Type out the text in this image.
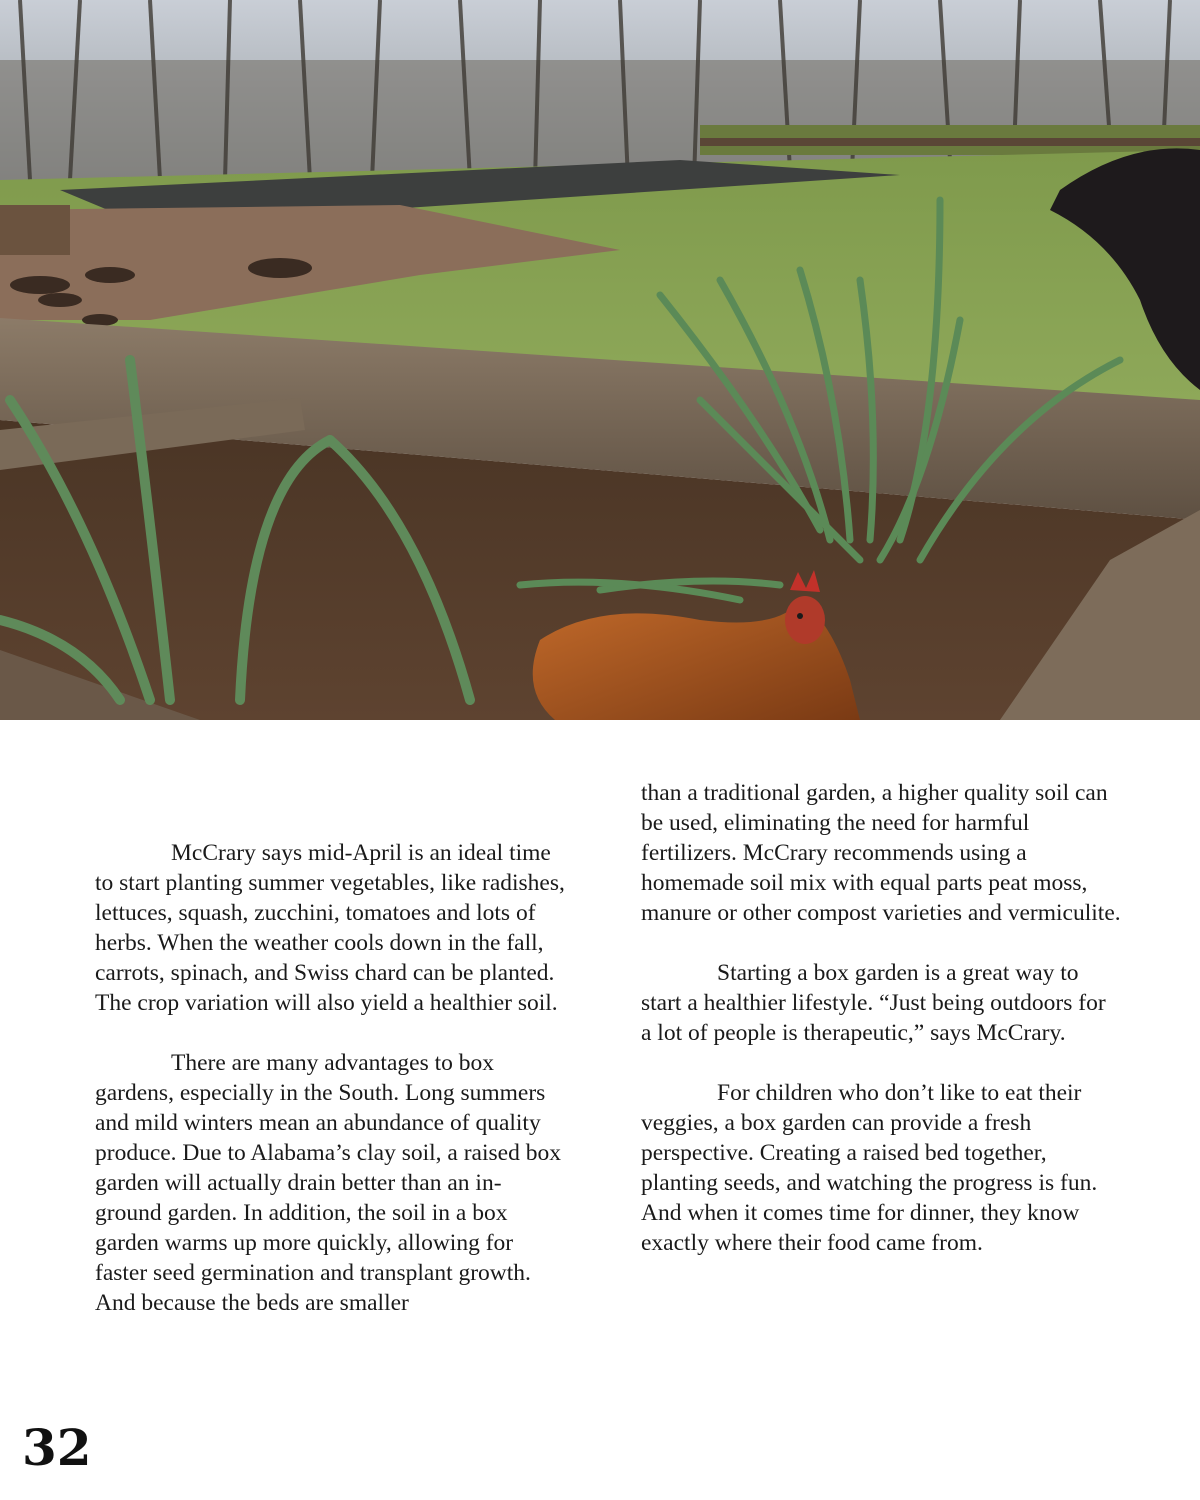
McCrary says mid-April is an ideal time to start planting summer vegetables, like radishes, lettuces, squash, zucchini, tomatoes and lots of herbs. When the weather cools down in the fall, carrots, spinach, and Swiss chard can be planted. The crop variation will also yield a healthier soil.

There are many advantages to box gardens, especially in the South. Long summers and mild winters mean an abundance of quality produce. Due to Alabama’s clay soil, a raised box garden will actually drain better than an in-ground garden. In addition, the soil in a box garden warms up more quickly, allowing for faster seed germination and transplant growth. And because the beds are smaller

than a traditional garden, a higher quality soil can be used, eliminating the need for harmful fertilizers. McCrary recommends using a homemade soil mix with equal parts peat moss, manure or other compost varieties and vermiculite.

Starting a box garden is a great way to start a healthier lifestyle. “Just being outdoors for a lot of people is therapeutic,” says McCrary.

For children who don’t like to eat their veggies, a box garden can provide a fresh perspective. Creating a raised bed together, planting seeds, and watching the progress is fun. And when it comes time for dinner, they know exactly where their food came from.

32
